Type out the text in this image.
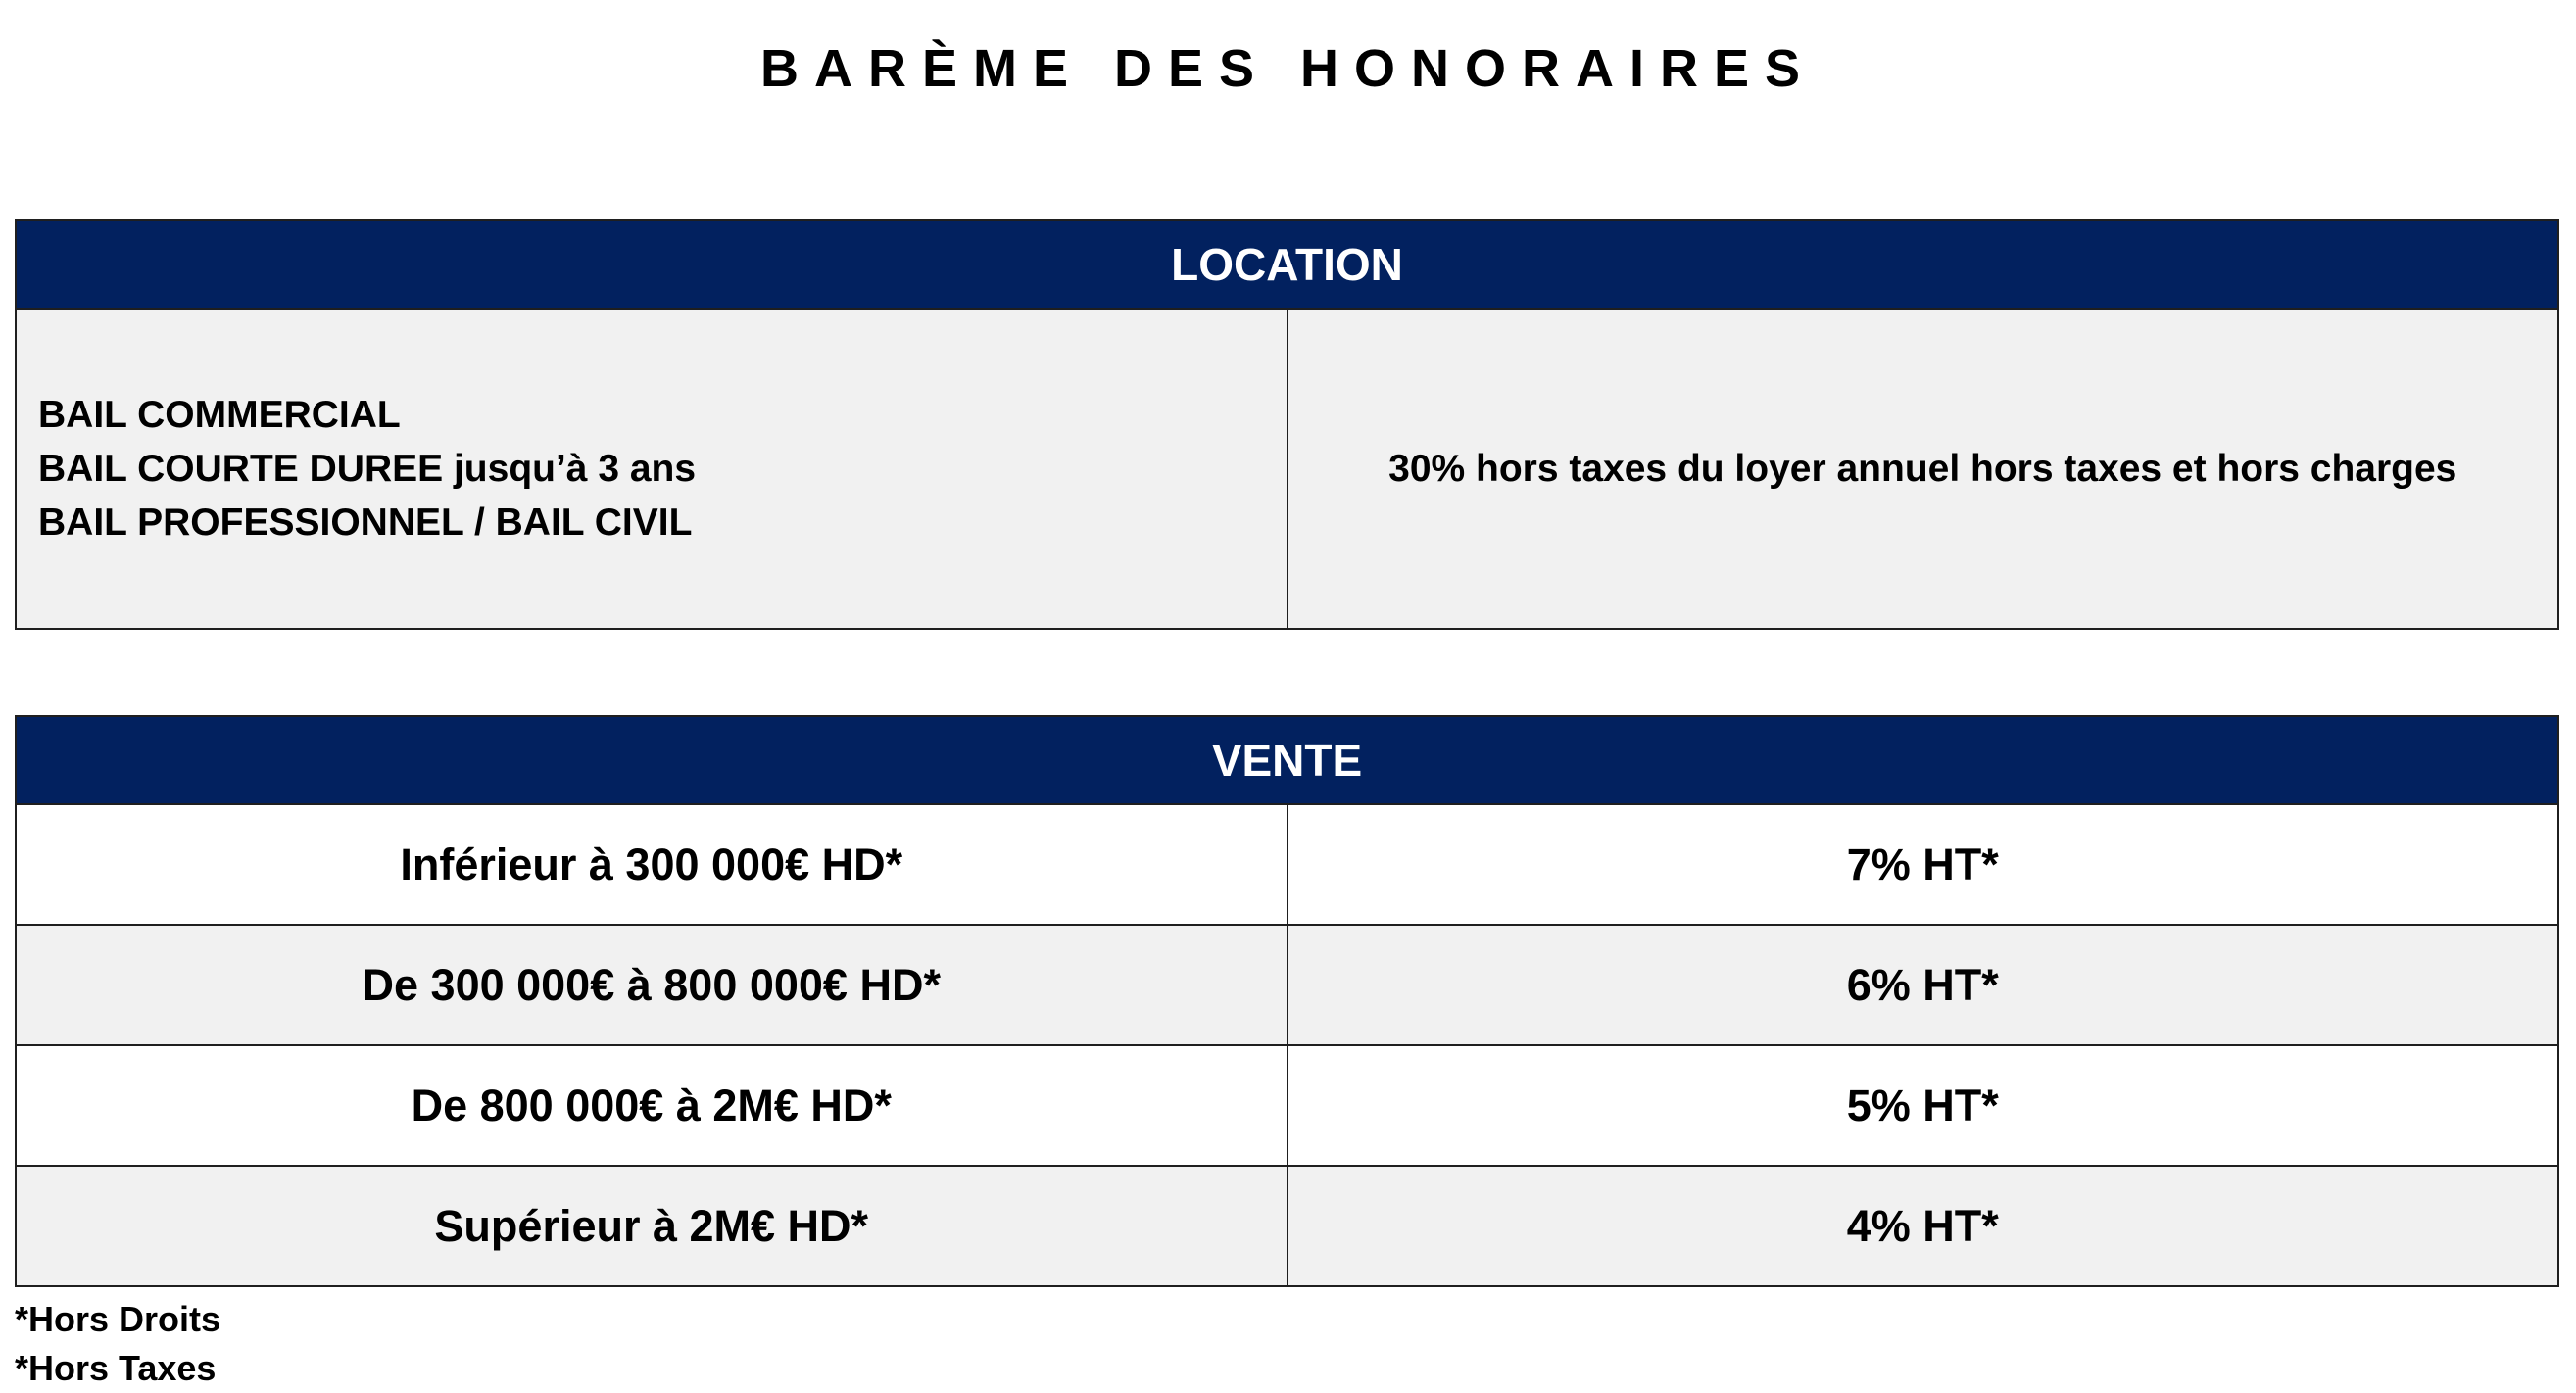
BARÈME DES HONORAIRES
LOCATION

BAIL COMMERCIAL
BAIL COURTE DUREE jusqu’à 3 ans
BAIL PROFESSIONNEL / BAIL CIVIL
	30% hors taxes du loyer annuel hors taxes et hors charges
VENTE	
Inférieur à 300 000€ HD*	7% HT*
De 300 000€ à 800 000€ HD*	6% HT*
De 800 000€ à 2M€ HD*	5% HT*
Supérieur à 2M€ HD*	4% HT*
*Hors Droits
*Hors Taxes
